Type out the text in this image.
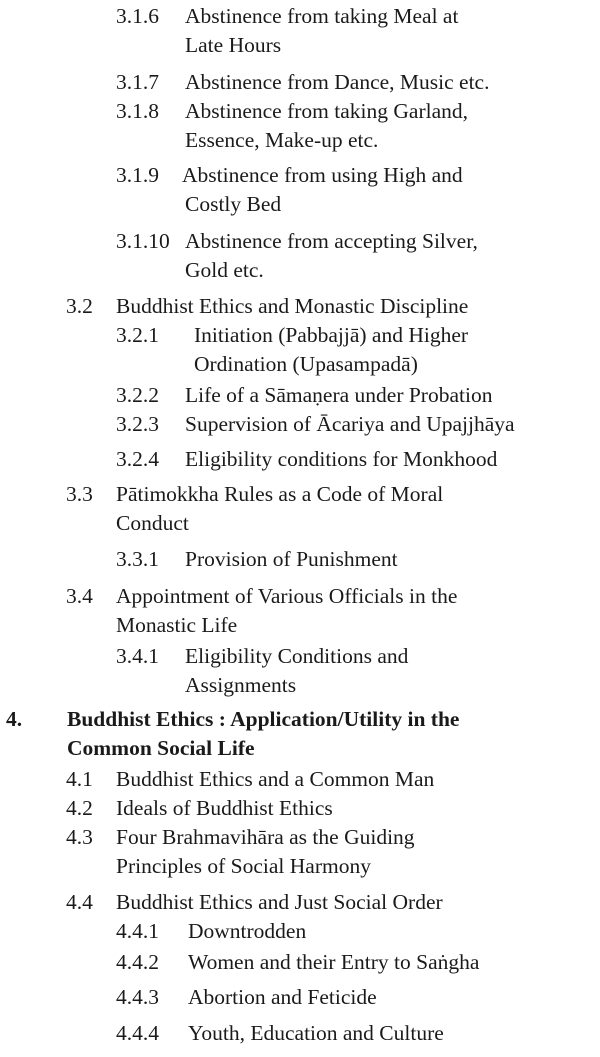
3.1.6 Abstinence from taking Meal at
Late Hours
3.1.7 Abstinence from Dance, Music etc.
3.1.8 Abstinence from taking Garland,
Essence, Make-up etc.
3.1.9 Abstinence from using High and
Costly Bed
3.1.10 Abstinence from accepting Silver,
Gold etc.
3.2 Buddhist Ethics and Monastic Discipline
3.2.1 Initiation (Pabbajjā) and Higher
Ordination (Upasampadā)
3.2.2 Life of a Sāmaṇera under Probation
3.2.3 Supervision of Ācariya and Upajjhāya
3.2.4 Eligibility conditions for Monkhood
3.3 Pātimokkha Rules as a Code of Moral
Conduct
3.3.1 Provision of Punishment
3.4 Appointment of Various Officials in the
Monastic Life
3.4.1 Eligibility Conditions and
Assignments
4. Buddhist Ethics : Application/Utility in the
Common Social Life
4.1 Buddhist Ethics and a Common Man
4.2 Ideals of Buddhist Ethics
4.3 Four Brahmavihāra as the Guiding
Principles of Social Harmony
4.4 Buddhist Ethics and Just Social Order
4.4.1 Downtrodden
4.4.2 Women and their Entry to Saṅgha
4.4.3 Abortion and Feticide
4.4.4 Youth, Education and Culture
